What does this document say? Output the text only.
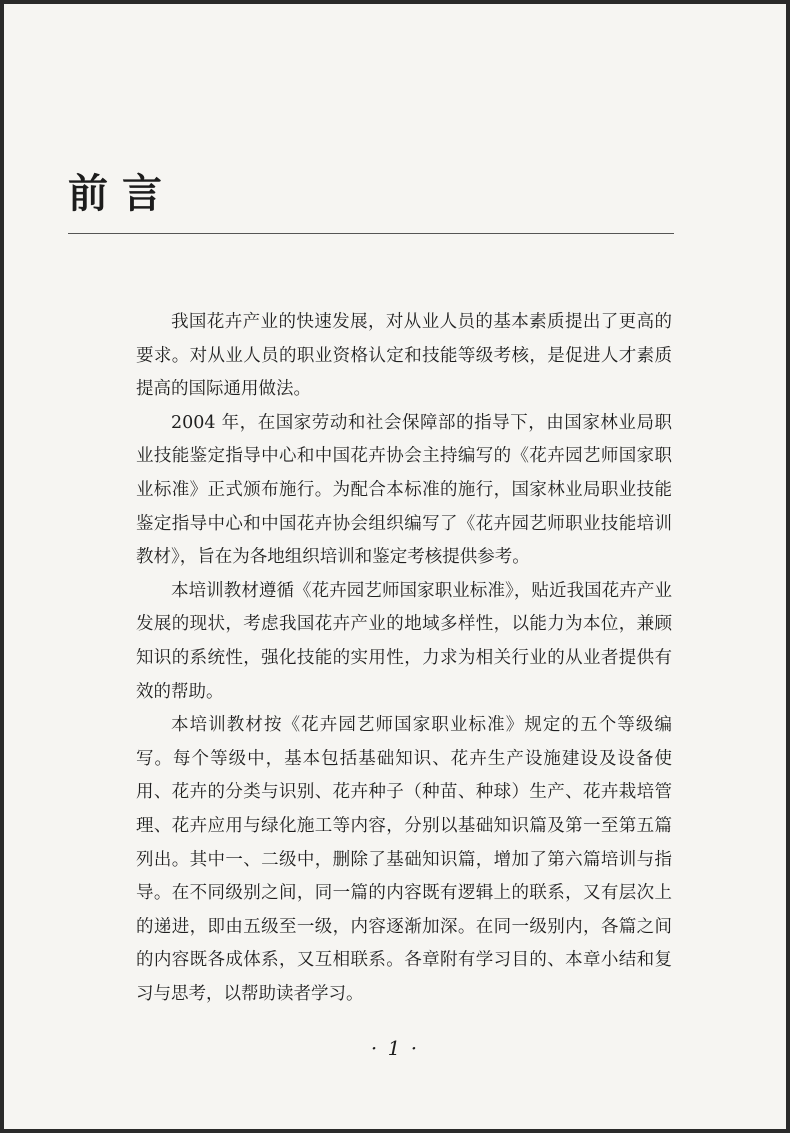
前言

我国花卉产业的快速发展，对从业人员的基本素质提出了更高的要求。对从业人员的职业资格认定和技能等级考核，是促进人才素质提高的国际通用做法。

2004 年，在国家劳动和社会保障部的指导下，由国家林业局职业技能鉴定指导中心和中国花卉协会主持编写的《花卉园艺师国家职业标准》正式颁布施行。为配合本标准的施行，国家林业局职业技能鉴定指导中心和中国花卉协会组织编写了《花卉园艺师职业技能培训教材》，旨在为各地组织培训和鉴定考核提供参考。

本培训教材遵循《花卉园艺师国家职业标准》，贴近我国花卉产业发展的现状，考虑我国花卉产业的地域多样性，以能力为本位，兼顾知识的系统性，强化技能的实用性，力求为相关行业的从业者提供有效的帮助。

本培训教材按《花卉园艺师国家职业标准》规定的五个等级编写。每个等级中，基本包括基础知识、花卉生产设施建设及设备使用、花卉的分类与识别、花卉种子（种苗、种球）生产、花卉栽培管理、花卉应用与绿化施工等内容，分别以基础知识篇及第一至第五篇列出。其中一、二级中，删除了基础知识篇，增加了第六篇培训与指导。在不同级别之间，同一篇的内容既有逻辑上的联系，又有层次上的递进，即由五级至一级，内容逐渐加深。在同一级别内，各篇之间的内容既各成体系，又互相联系。各章附有学习目的、本章小结和复习与思考，以帮助读者学习。

· 1 ·
